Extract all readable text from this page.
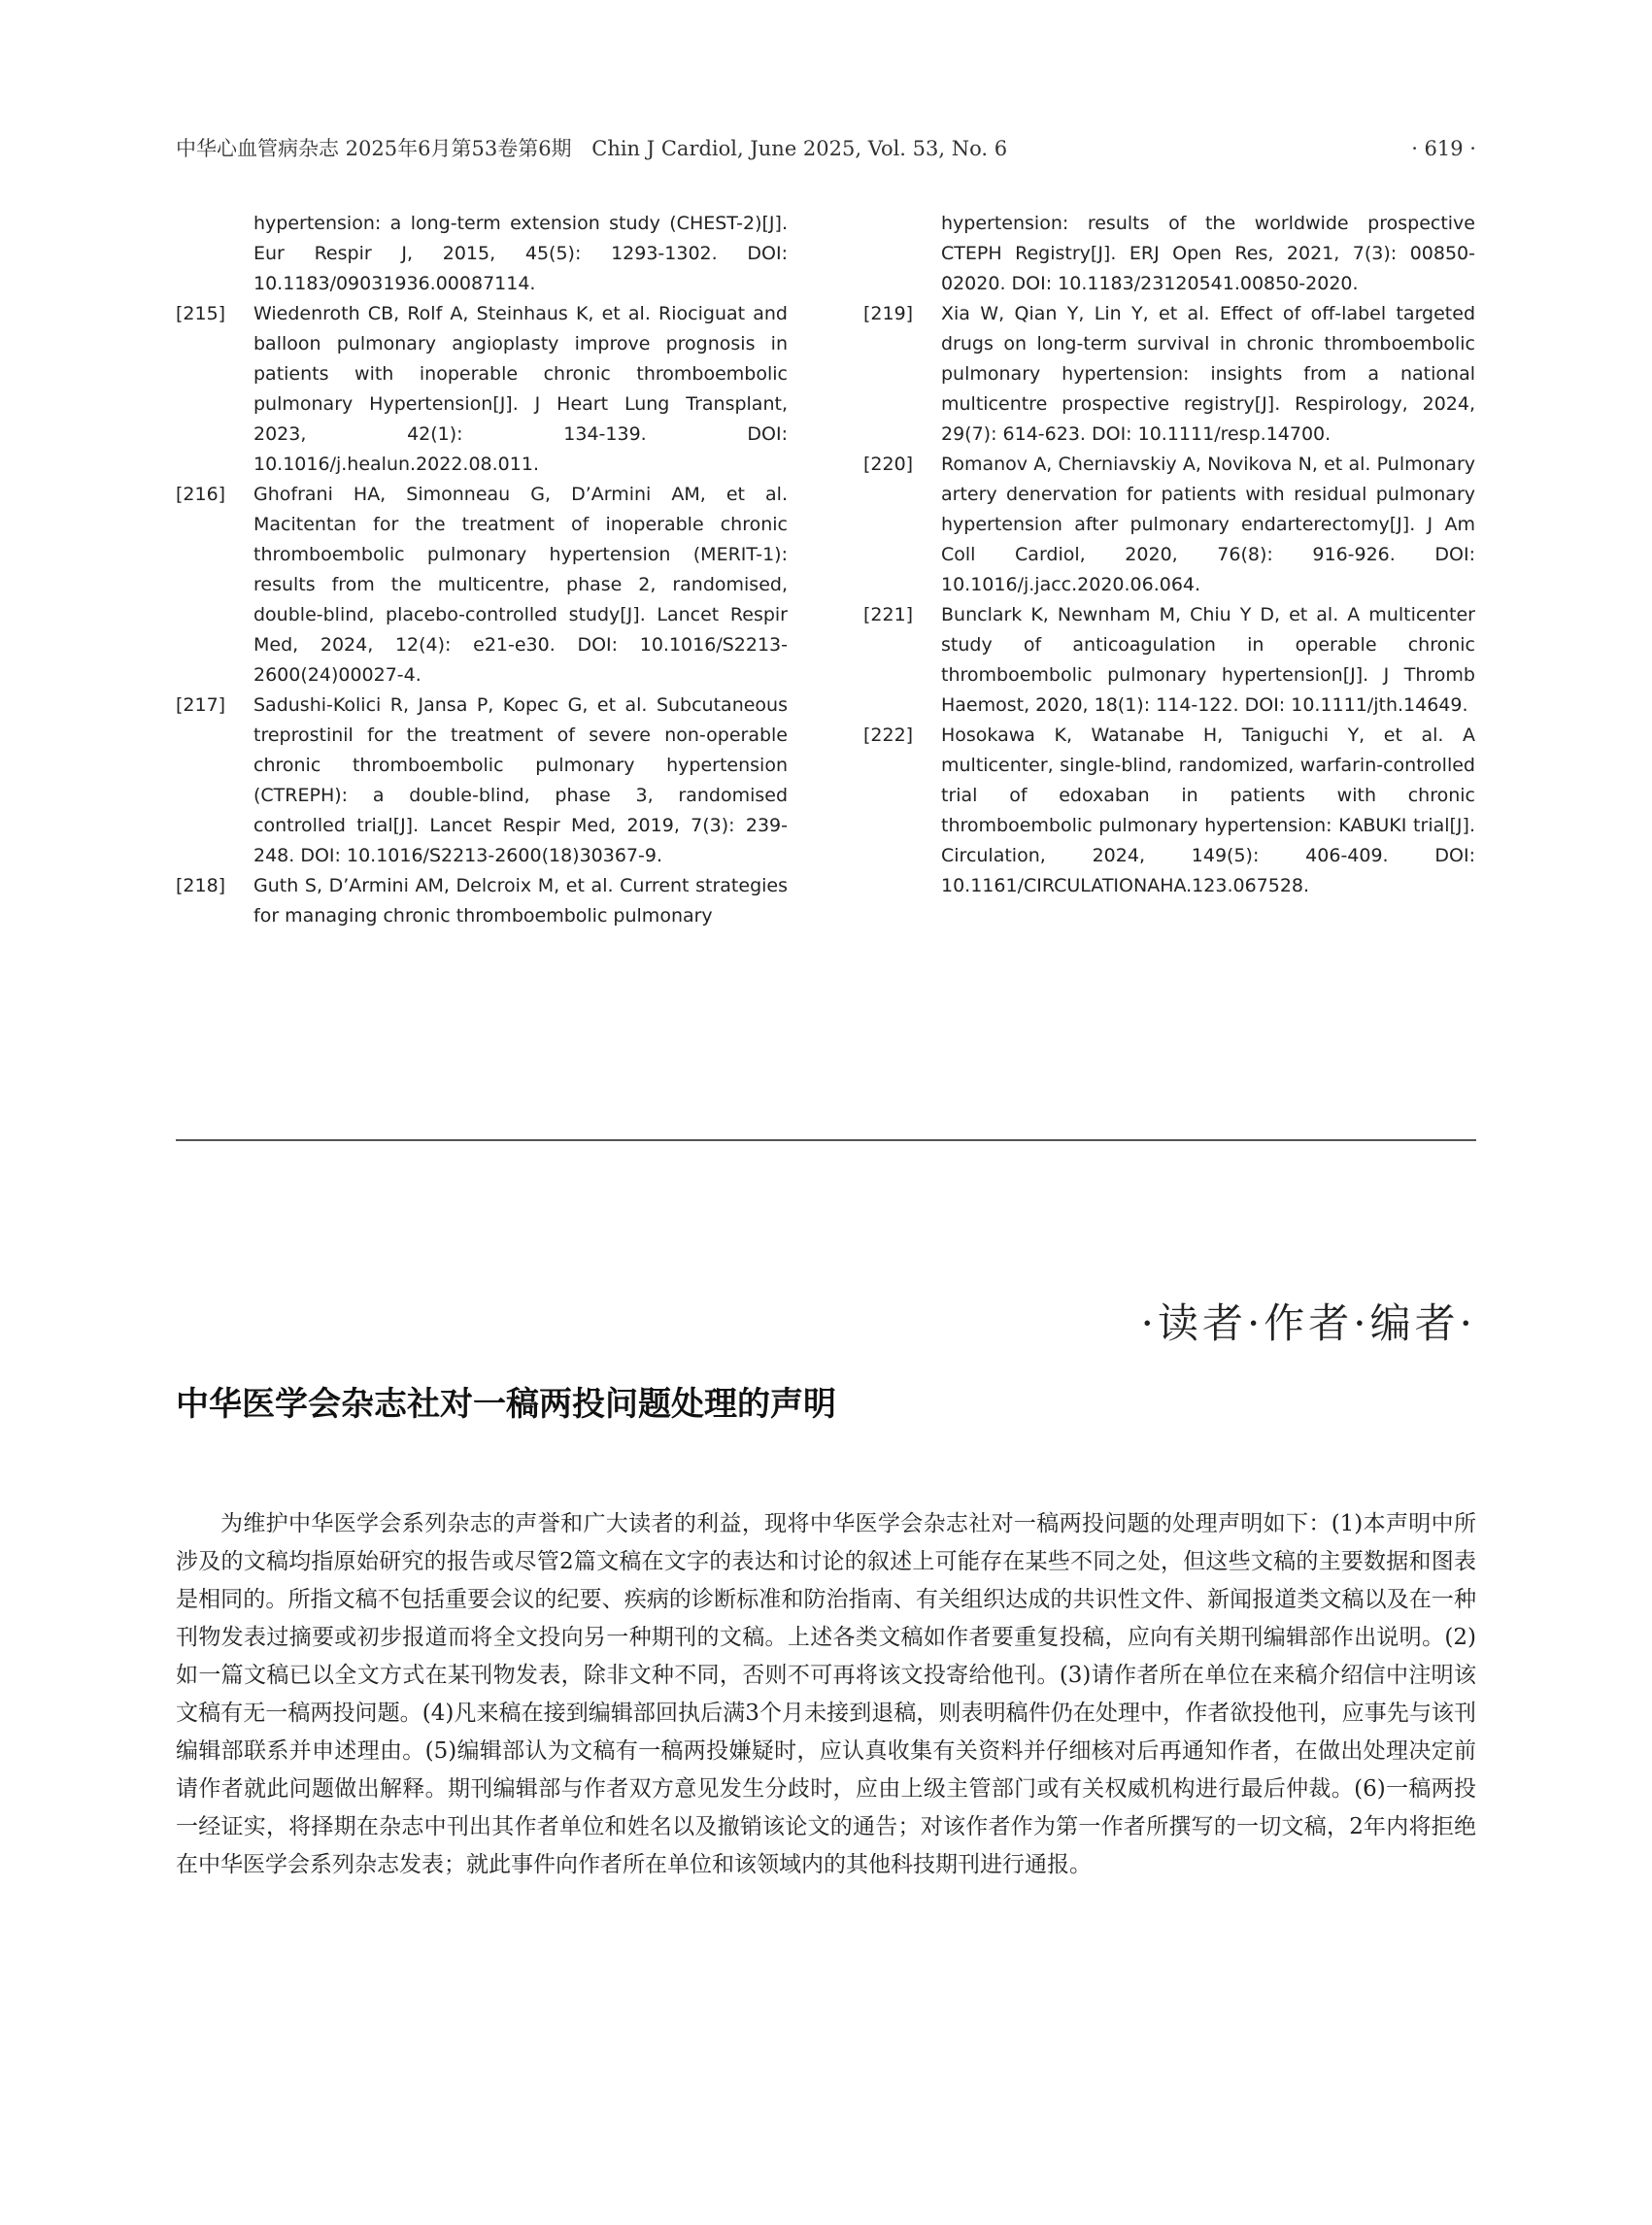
中华心血管病杂志 2025年6月第53卷第6期 Chin J Cardiol, June 2025, Vol. 53, No. 6	· 619 ·
hypertension: a long-term extension study (CHEST-2)[J]. Eur Respir J, 2015, 45(5): 1293-1302. DOI: 10.1183/09031936.00087114.
[215]	Wiedenroth CB, Rolf A, Steinhaus K, et al. Riociguat and balloon pulmonary angioplasty improve prognosis in patients with inoperable chronic thromboembolic pulmonary Hypertension[J]. J Heart Lung Transplant, 2023, 42(1): 134-139. DOI: 10.1016/j.healun.2022.08.011.
[216]	Ghofrani HA, Simonneau G, D’Armini AM, et al. Macitentan for the treatment of inoperable chronic thromboembolic pulmonary hypertension (MERIT-1): results from the multicentre, phase 2, randomised, double-blind, placebo-controlled study[J]. Lancet Respir Med, 2024, 12(4): e21-e30. DOI: 10.1016/S2213-2600(24)00027-4.
[217]	Sadushi-Kolici R, Jansa P, Kopec G, et al. Subcutaneous treprostinil for the treatment of severe non-operable chronic thromboembolic pulmonary hypertension (CTREPH): a double-blind, phase 3, randomised controlled trial[J]. Lancet Respir Med, 2019, 7(3): 239-248. DOI: 10.1016/S2213-2600(18)30367-9.
[218]	Guth S, D’Armini AM, Delcroix M, et al. Current strategies for managing chronic thromboembolic pulmonary
hypertension: results of the worldwide prospective CTEPH Registry[J]. ERJ Open Res, 2021, 7(3): 00850-02020. DOI: 10.1183/23120541.00850-2020.
[219]	Xia W, Qian Y, Lin Y, et al. Effect of off-label targeted drugs on long-term survival in chronic thromboembolic pulmonary hypertension: insights from a national multicentre prospective registry[J]. Respirology, 2024, 29(7): 614-623. DOI: 10.1111/resp.14700.
[220]	Romanov A, Cherniavskiy A, Novikova N, et al. Pulmonary artery denervation for patients with residual pulmonary hypertension after pulmonary endarterectomy[J]. J Am Coll Cardiol, 2020, 76(8): 916-926. DOI: 10.1016/j.jacc.2020.06.064.
[221]	Bunclark K, Newnham M, Chiu Y D, et al. A multicenter study of anticoagulation in operable chronic thromboembolic pulmonary hypertension[J]. J Thromb Haemost, 2020, 18(1): 114-122. DOI: 10.1111/jth.14649.
[222]	Hosokawa K, Watanabe H, Taniguchi Y, et al. A multicenter, single-blind, randomized, warfarin-controlled trial of edoxaban in patients with chronic thromboembolic pulmonary hypertension: KABUKI trial[J]. Circulation, 2024, 149(5): 406-409. DOI: 10.1161/CIRCULATIONAHA.123.067528.
·读者·作者·编者·
中华医学会杂志社对一稿两投问题处理的声明
为维护中华医学会系列杂志的声誉和广大读者的利益，现将中华医学会杂志社对一稿两投问题的处理声明如下：(1)本声明中所涉及的文稿均指原始研究的报告或尽管2篇文稿在文字的表达和讨论的叙述上可能存在某些不同之处，但这些文稿的主要数据和图表是相同的。所指文稿不包括重要会议的纪要、疾病的诊断标准和防治指南、有关组织达成的共识性文件、新闻报道类文稿以及在一种刊物发表过摘要或初步报道而将全文投向另一种期刊的文稿。上述各类文稿如作者要重复投稿，应向有关期刊编辑部作出说明。(2)如一篇文稿已以全文方式在某刊物发表，除非文种不同，否则不可再将该文投寄给他刊。(3)请作者所在单位在来稿介绍信中注明该文稿有无一稿两投问题。(4)凡来稿在接到编辑部回执后满3个月未接到退稿，则表明稿件仍在处理中，作者欲投他刊，应事先与该刊编辑部联系并申述理由。(5)编辑部认为文稿有一稿两投嫌疑时，应认真收集有关资料并仔细核对后再通知作者，在做出处理决定前请作者就此问题做出解释。期刊编辑部与作者双方意见发生分歧时，应由上级主管部门或有关权威机构进行最后仲裁。(6)一稿两投一经证实，将择期在杂志中刊出其作者单位和姓名以及撤销该论文的通告；对该作者作为第一作者所撰写的一切文稿，2年内将拒绝在中华医学会系列杂志发表；就此事件向作者所在单位和该领域内的其他科技期刊进行通报。
